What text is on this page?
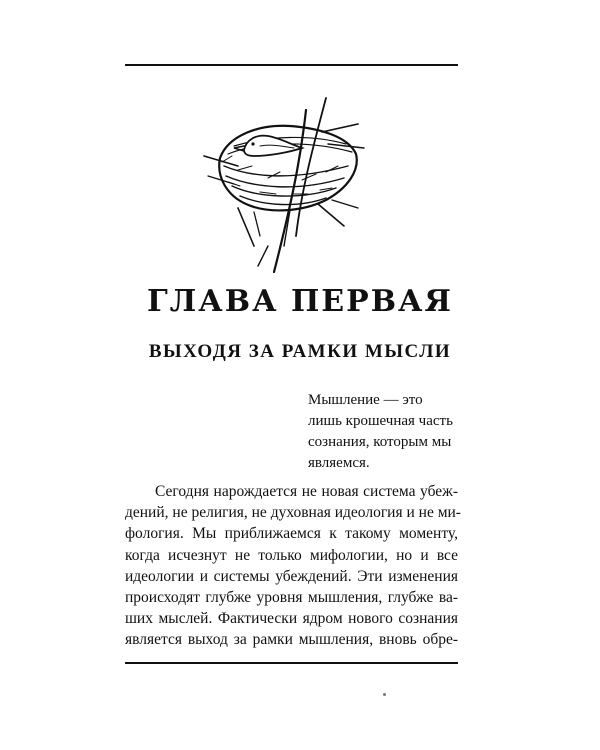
ГЛАВА ПЕРВАЯ
ВЫХОДЯ ЗА РАМКИ МЫСЛИ
Мышление — это
лишь крошечная часть
сознания, которым мы
являемся.
Сегодня нарождается не новая система убеж-
дений, не религия, не духовная идеология и не ми-
фология. Мы приближаемся к такому моменту,
когда исчезнут не только мифологии, но и все
идеологии и системы убеждений. Эти изменения
происходят глубже уровня мышления, глубже ва-
ших мыслей. Фактически ядром нового сознания
является выход за рамки мышления, вновь обре-
